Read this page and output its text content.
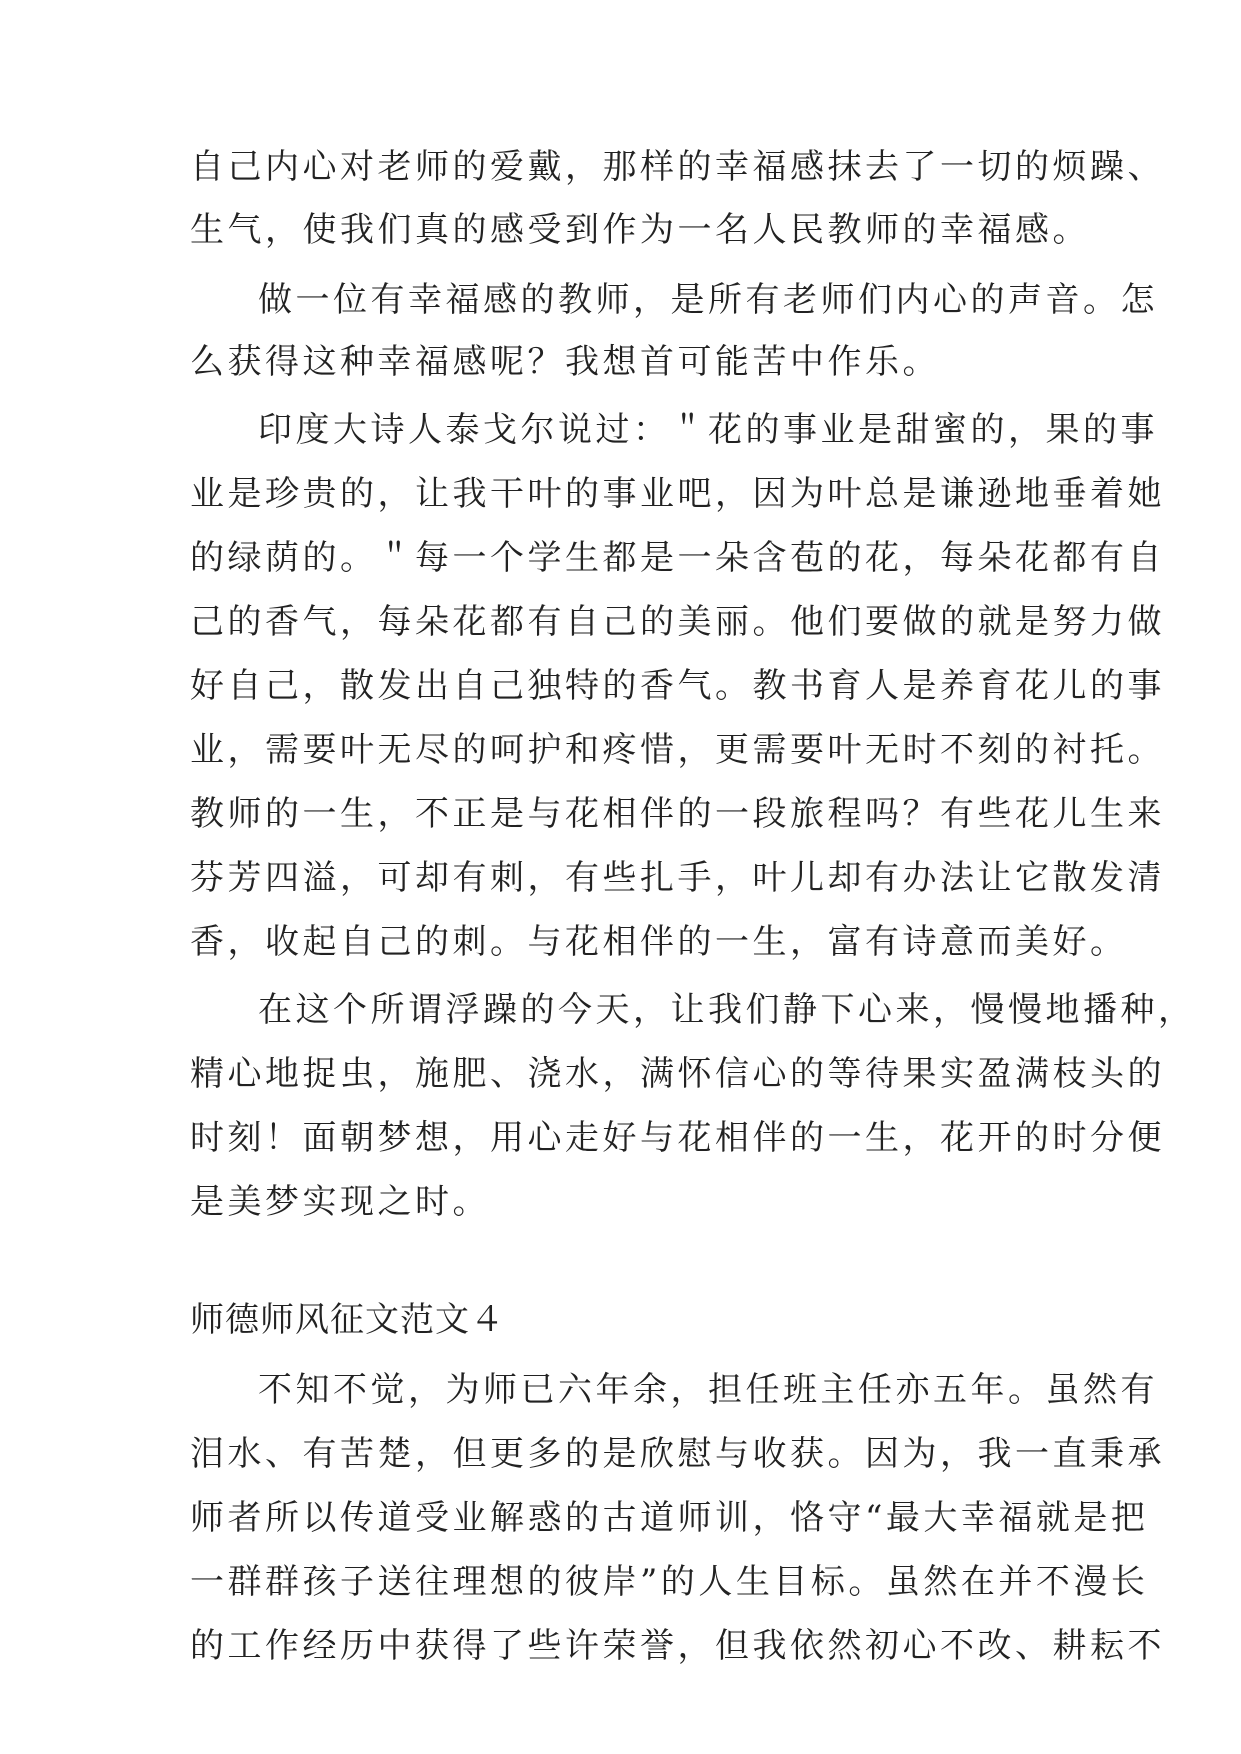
自己内心对老师的爱戴，那样的幸福感抹去了一切的烦躁、
生气，使我们真的感受到作为一名人民教师的幸福感。
做一位有幸福感的教师，是所有老师们内心的声音。怎
么获得这种幸福感呢？我想首可能苦中作乐。
印度大诗人泰戈尔说过：＂花的事业是甜蜜的，果的事
业是珍贵的，让我干叶的事业吧，因为叶总是谦逊地垂着她
的绿荫的。＂每一个学生都是一朵含苞的花，每朵花都有自
己的香气，每朵花都有自己的美丽。他们要做的就是努力做
好自己，散发出自己独特的香气。教书育人是养育花儿的事
业，需要叶无尽的呵护和疼惜，更需要叶无时不刻的衬托。
教师的一生，不正是与花相伴的一段旅程吗？有些花儿生来
芬芳四溢，可却有刺，有些扎手，叶儿却有办法让它散发清
香，收起自己的刺。与花相伴的一生，富有诗意而美好。
在这个所谓浮躁的今天，让我们静下心来，慢慢地播种，
精心地捉虫，施肥、浇水，满怀信心的等待果实盈满枝头的
时刻！面朝梦想，用心走好与花相伴的一生，花开的时分便
是美梦实现之时。
师德师风征文范文４
不知不觉，为师已六年余，担任班主任亦五年。虽然有
泪水、有苦楚，但更多的是欣慰与收获。因为，我一直秉承
师者所以传道受业解惑的古道师训，恪守“最大幸福就是把
一群群孩子送往理想的彼岸”的人生目标。虽然在并不漫长
的工作经历中获得了些许荣誉，但我依然初心不改、耕耘不
